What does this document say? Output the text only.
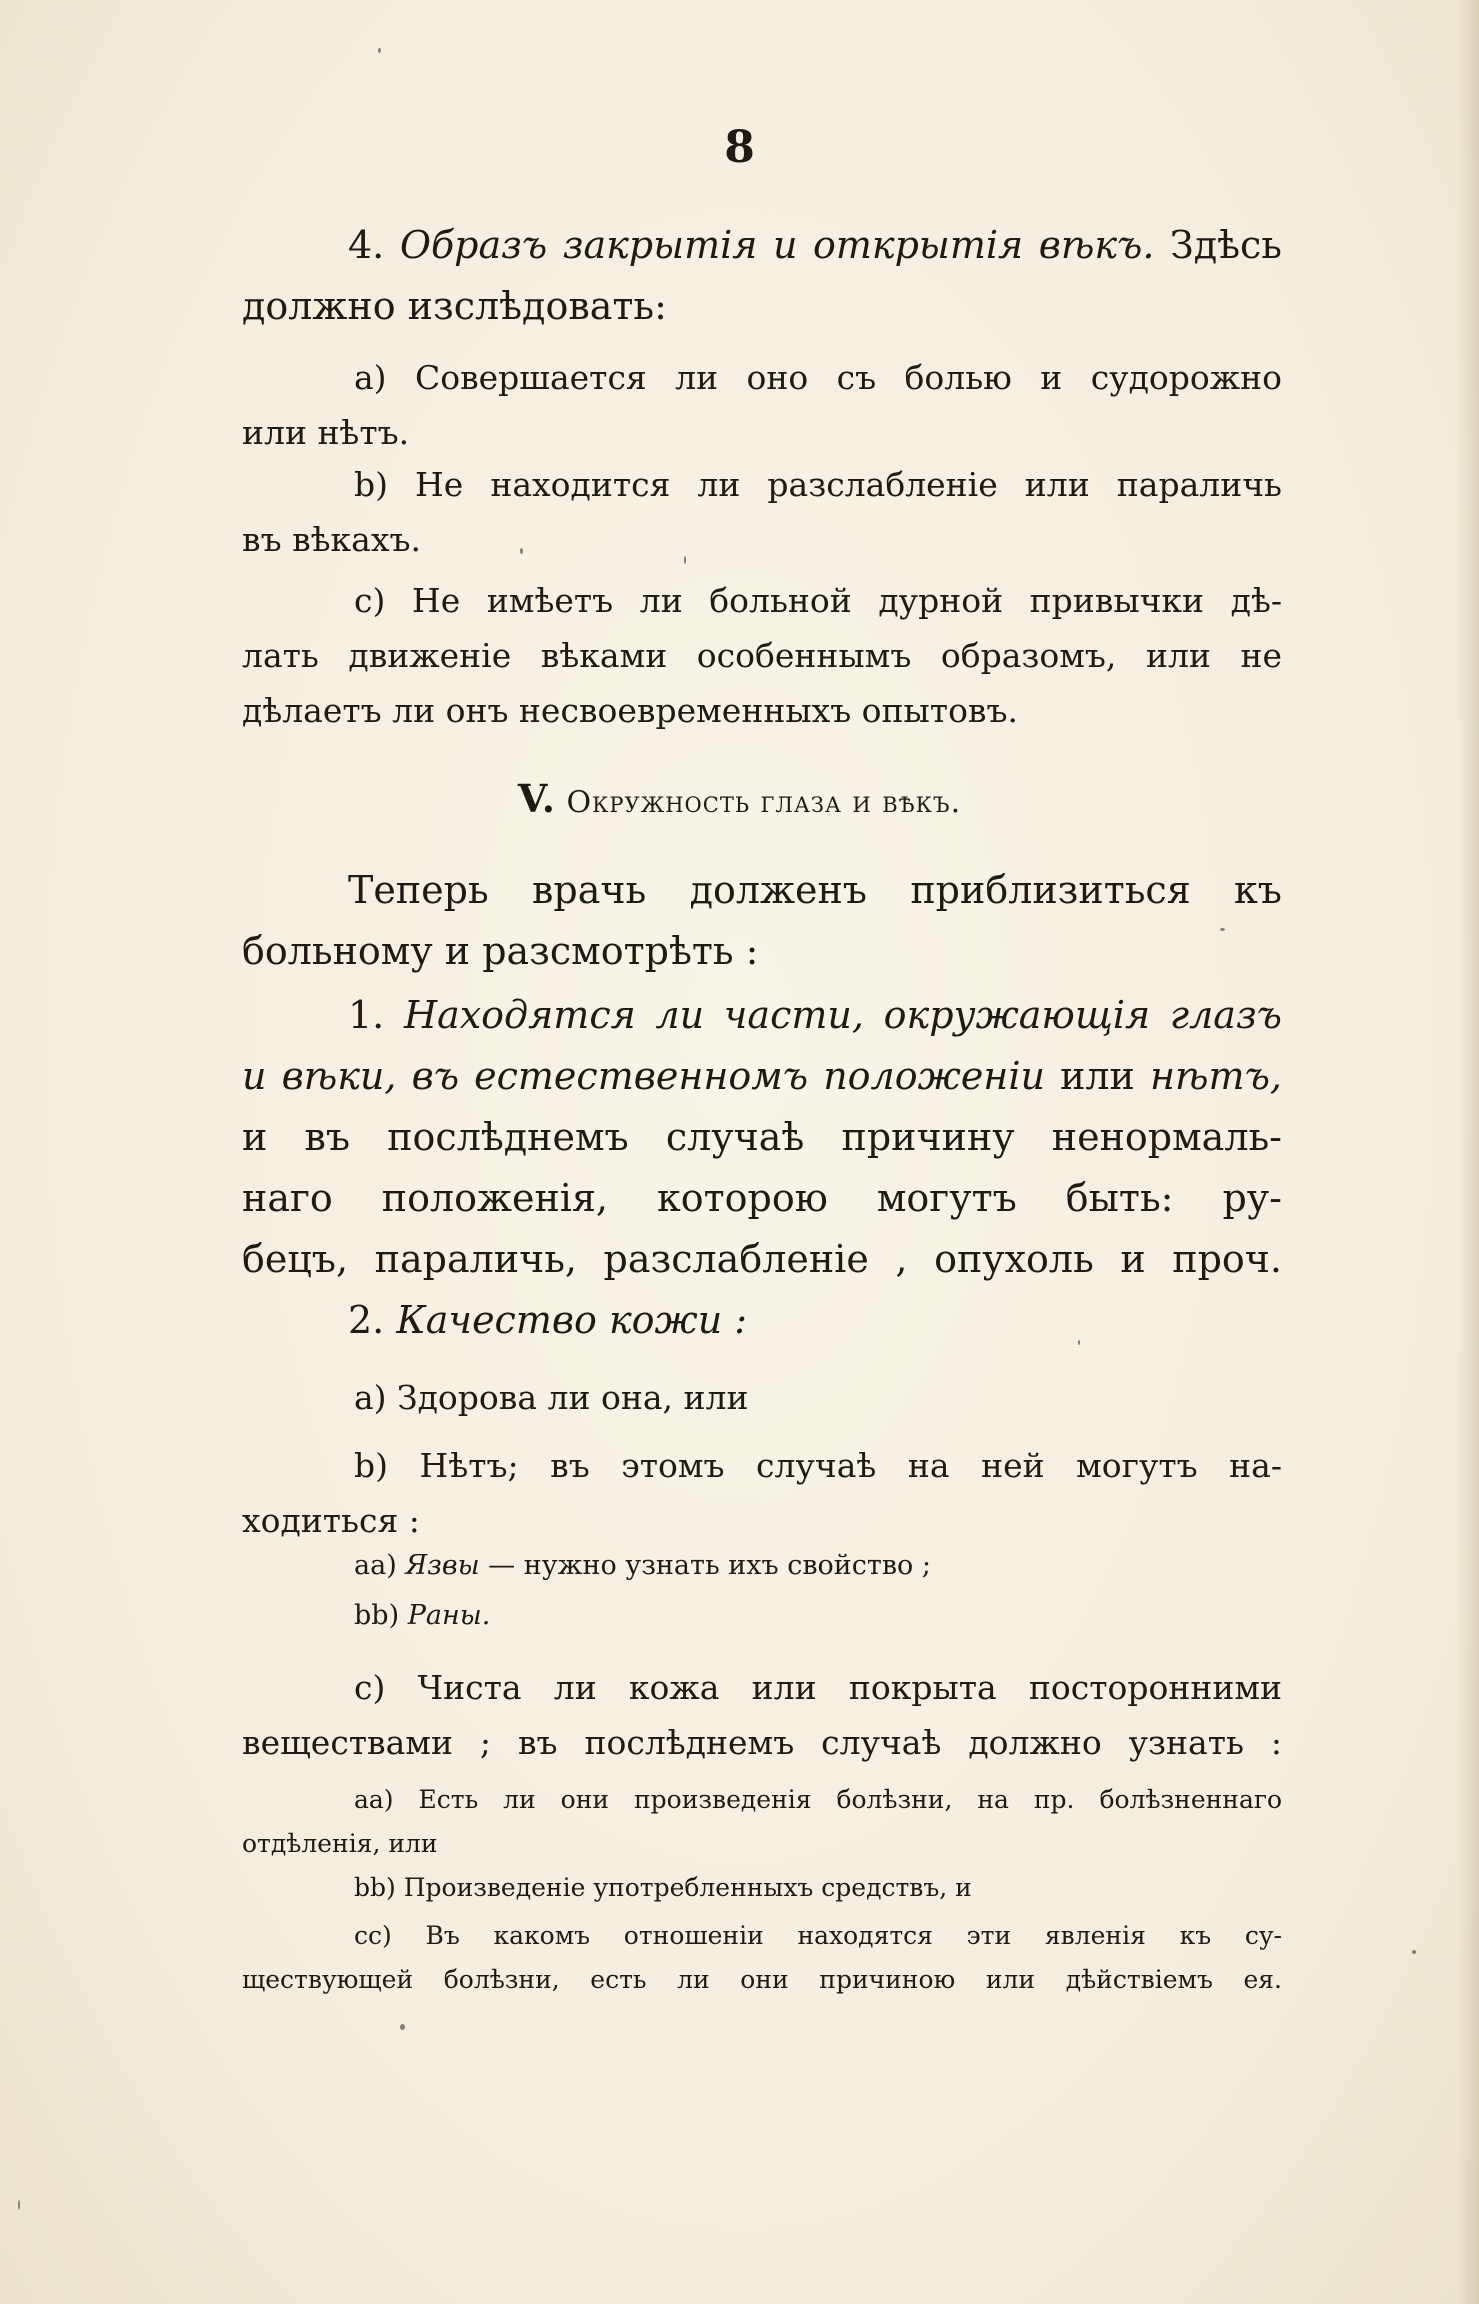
8
4. Образъ закрытія и открытія вѣкъ. Здѣсь
должно изслѣдовать:
a) Совершается ли оно съ болью и судорожно
или нѣтъ.
b) Не находится ли разслабленіе или параличь
въ вѣкахъ.
c) Не имѣетъ ли больной дурной привычки дѣ-
лать движеніе вѣками особеннымъ образомъ, или не
дѣлаетъ ли онъ несвоевременныхъ опытовъ.
V. Окружность глаза и вѣкъ.
Теперь врачь долженъ приблизиться къ
больному и разсмотрѣть :
1. Находятся ли части, окружающія глазъ
и вѣки, въ естественномъ положеніи или нѣтъ,
и въ послѣднемъ случаѣ причину ненормаль-
наго положенія, которою могутъ быть: ру-
бецъ, параличь, разслабленіе , опухоль и проч.
2. Качество кожи :
a) Здорова ли она, или
b) Нѣтъ; въ этомъ случаѣ на ней могутъ на-
ходиться :
aa) Язвы — нужно узнать ихъ свойство ;
bb) Раны.
c) Чиста ли кожа или покрыта посторонними
веществами ; въ послѣднемъ случаѣ должно узнать :
aa) Есть ли они произведенія болѣзни, на пр. болѣзненнаго
отдѣленія, или
bb) Произведеніе употребленныхъ средствъ, и
cc) Въ какомъ отношеніи находятся эти явленія къ су-
ществующей болѣзни, есть ли они причиною или дѣйствіемъ ея.
